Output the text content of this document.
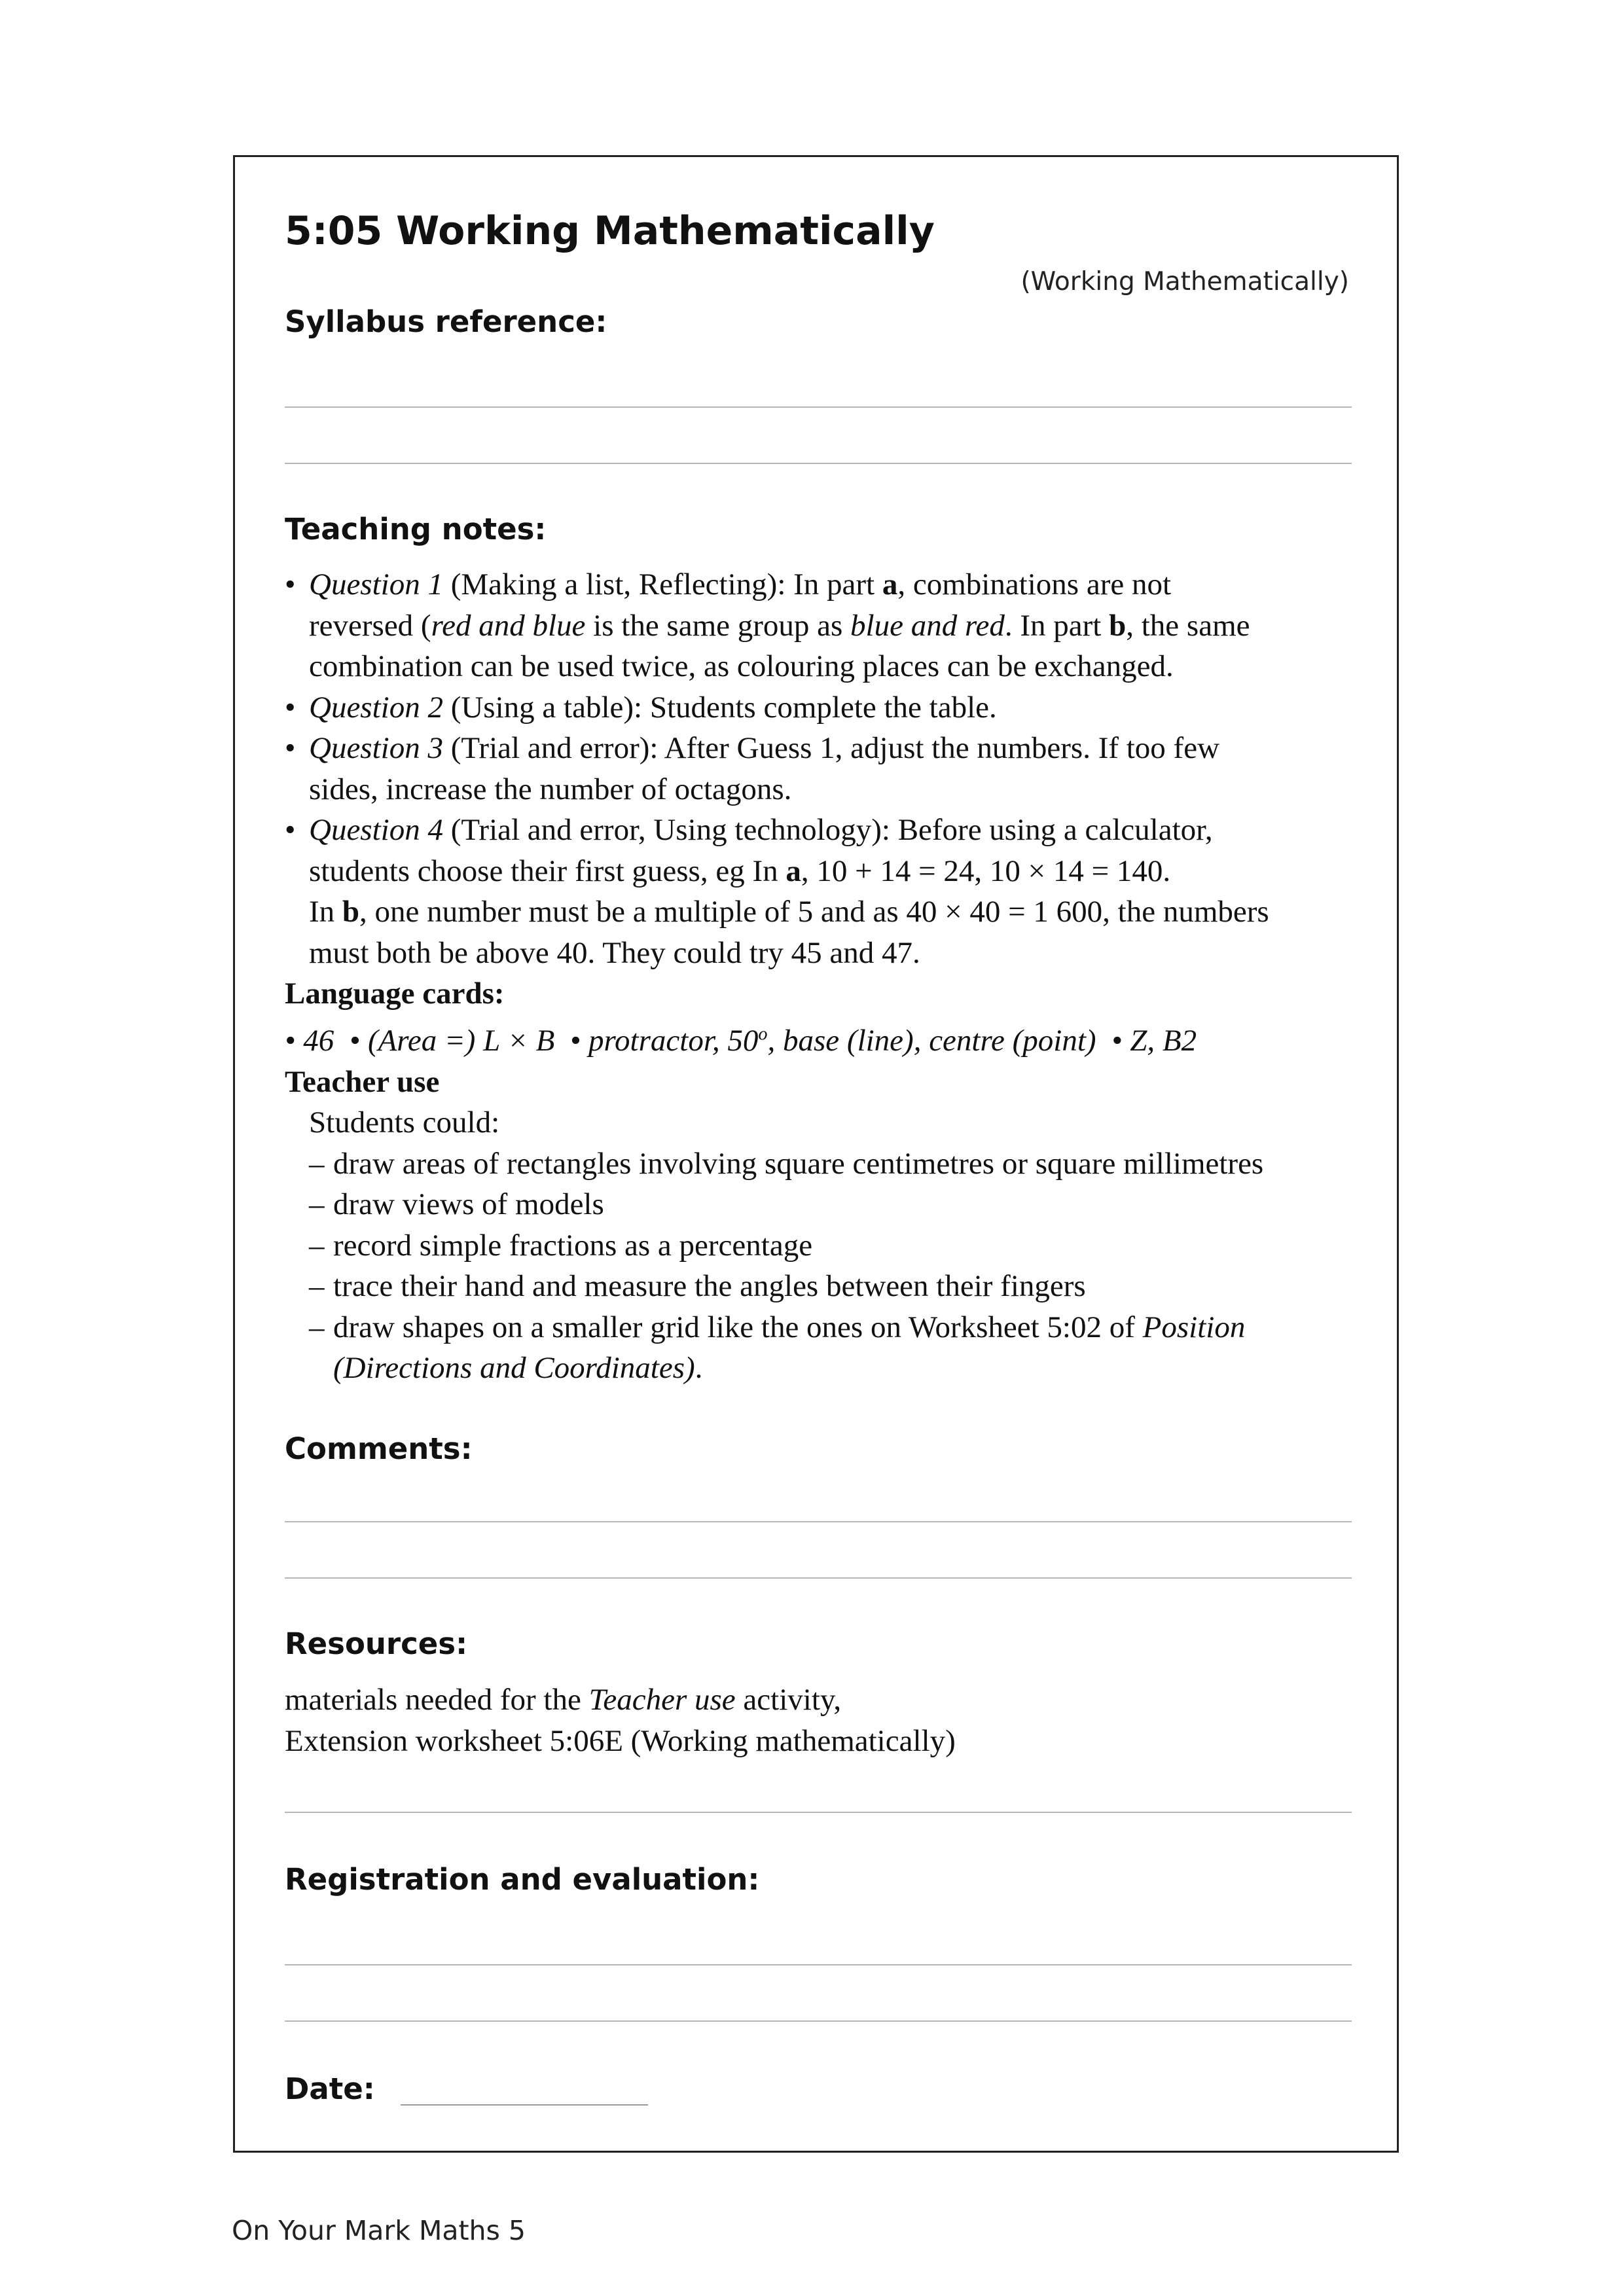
5:05 Working Mathematically
(Working Mathematically)
Syllabus reference:
Teaching notes:
• Question 1 (Making a list, Reflecting): In part a, combinations are not
reversed (red and blue is the same group as blue and red. In part b, the same
combination can be used twice, as colouring places can be exchanged.
• Question 2 (Using a table): Students complete the table.
• Question 3 (Trial and error): After Guess 1, adjust the numbers. If too few
sides, increase the number of octagons.
• Question 4 (Trial and error, Using technology): Before using a calculator,
students choose their first guess, eg In a, 10 + 14 = 24, 10 × 14 = 140.
In b, one number must be a multiple of 5 and as 40 × 40 = 1 600, the numbers
must both be above 40. They could try 45 and 47.
Language cards:
• 46 • (Area =) L × B • protractor, 50$^o$, base (line), centre (point) • Z, B2
Teacher use
Students could:
– draw areas of rectangles involving square centimetres or square millimetres
– draw views of models
– record simple fractions as a percentage
– trace their hand and measure the angles between their fingers
– draw shapes on a smaller grid like the ones on Worksheet 5:02 of Position
(Directions and Coordinates).
Comments:
Resources:
materials needed for the Teacher use activity,
Extension worksheet 5:06E (Working mathematically)
Registration and evaluation:
Date:
On Your Mark Maths 5
